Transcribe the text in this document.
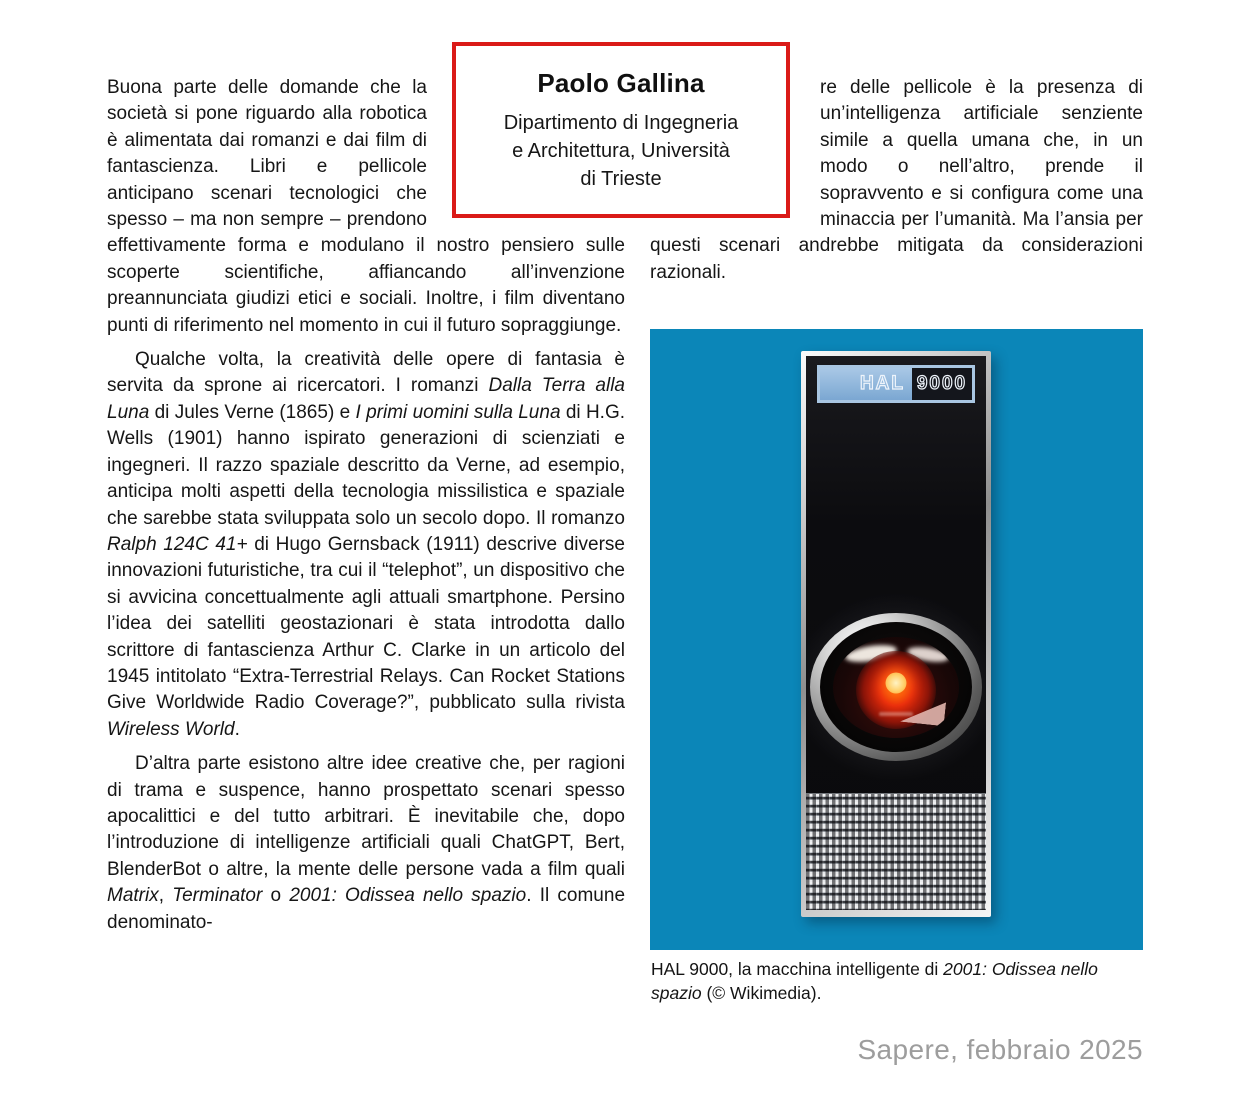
Paolo Gallina
Dipartimento di Ingegneria
e Architettura, Università
di Trieste

Buona parte delle domande che la società si pone riguardo alla robotica è alimentata dai romanzi e dai film di fantascienza. Libri e pellicole anticipano scenari tecnologici che spesso – ma non sempre – prendono effettivamente forma e modulano il nostro pensiero sulle scoperte scientifiche, affiancando all’invenzione preannunciata giudizi etici e sociali. Inoltre, i film diventano punti di riferimento nel momento in cui il futuro sopraggiunge.

Qualche volta, la creatività delle opere di fantasia è servita da sprone ai ricercatori. I romanzi Dalla Terra alla Luna di Jules Verne (1865) e I primi uomini sulla Luna di H.G. Wells (1901) hanno ispirato generazioni di scienziati e ingegneri. Il razzo spaziale descritto da Verne, ad esempio, anticipa molti aspetti della tecnologia missilistica e spaziale che sarebbe stata sviluppata solo un secolo dopo. Il romanzo Ralph 124C 41+ di Hugo Gernsback (1911) descrive diverse innovazioni futuristiche, tra cui il “telephot”, un dispositivo che si avvicina concettualmente agli attuali smartphone. Persino l’idea dei satelliti geostazionari è stata introdotta dallo scrittore di fantascienza Arthur C. Clarke in un articolo del 1945 intitolato “Extra-Terrestrial Relays. Can Rocket Stations Give Worldwide Radio Coverage?”, pubblicato sulla rivista Wireless World.

D’altra parte esistono altre idee creative che, per ragioni di trama e suspence, hanno prospettato scenari spesso apocalittici e del tutto arbitrari. È inevitabile che, dopo l’introduzione di intelligenze artificiali quali ChatGPT, Bert, BlenderBot o altre, la mente delle persone vada a film quali Matrix, Terminator o 2001: Odissea nello spazio. Il comune denominato-

re delle pellicole è la presenza di un’intelligenza artificiale senziente simile a quella umana che, in un modo o nell’altro, prende il sopravvento e si configura come una minaccia per l’umanità. Ma l’ansia per questi scenari andrebbe mitigata da considerazioni razionali.

HAL 9000
HAL 9000, la macchina intelligente di 2001: Odissea nello spazio (© Wikimedia).
Sapere, febbraio 2025
